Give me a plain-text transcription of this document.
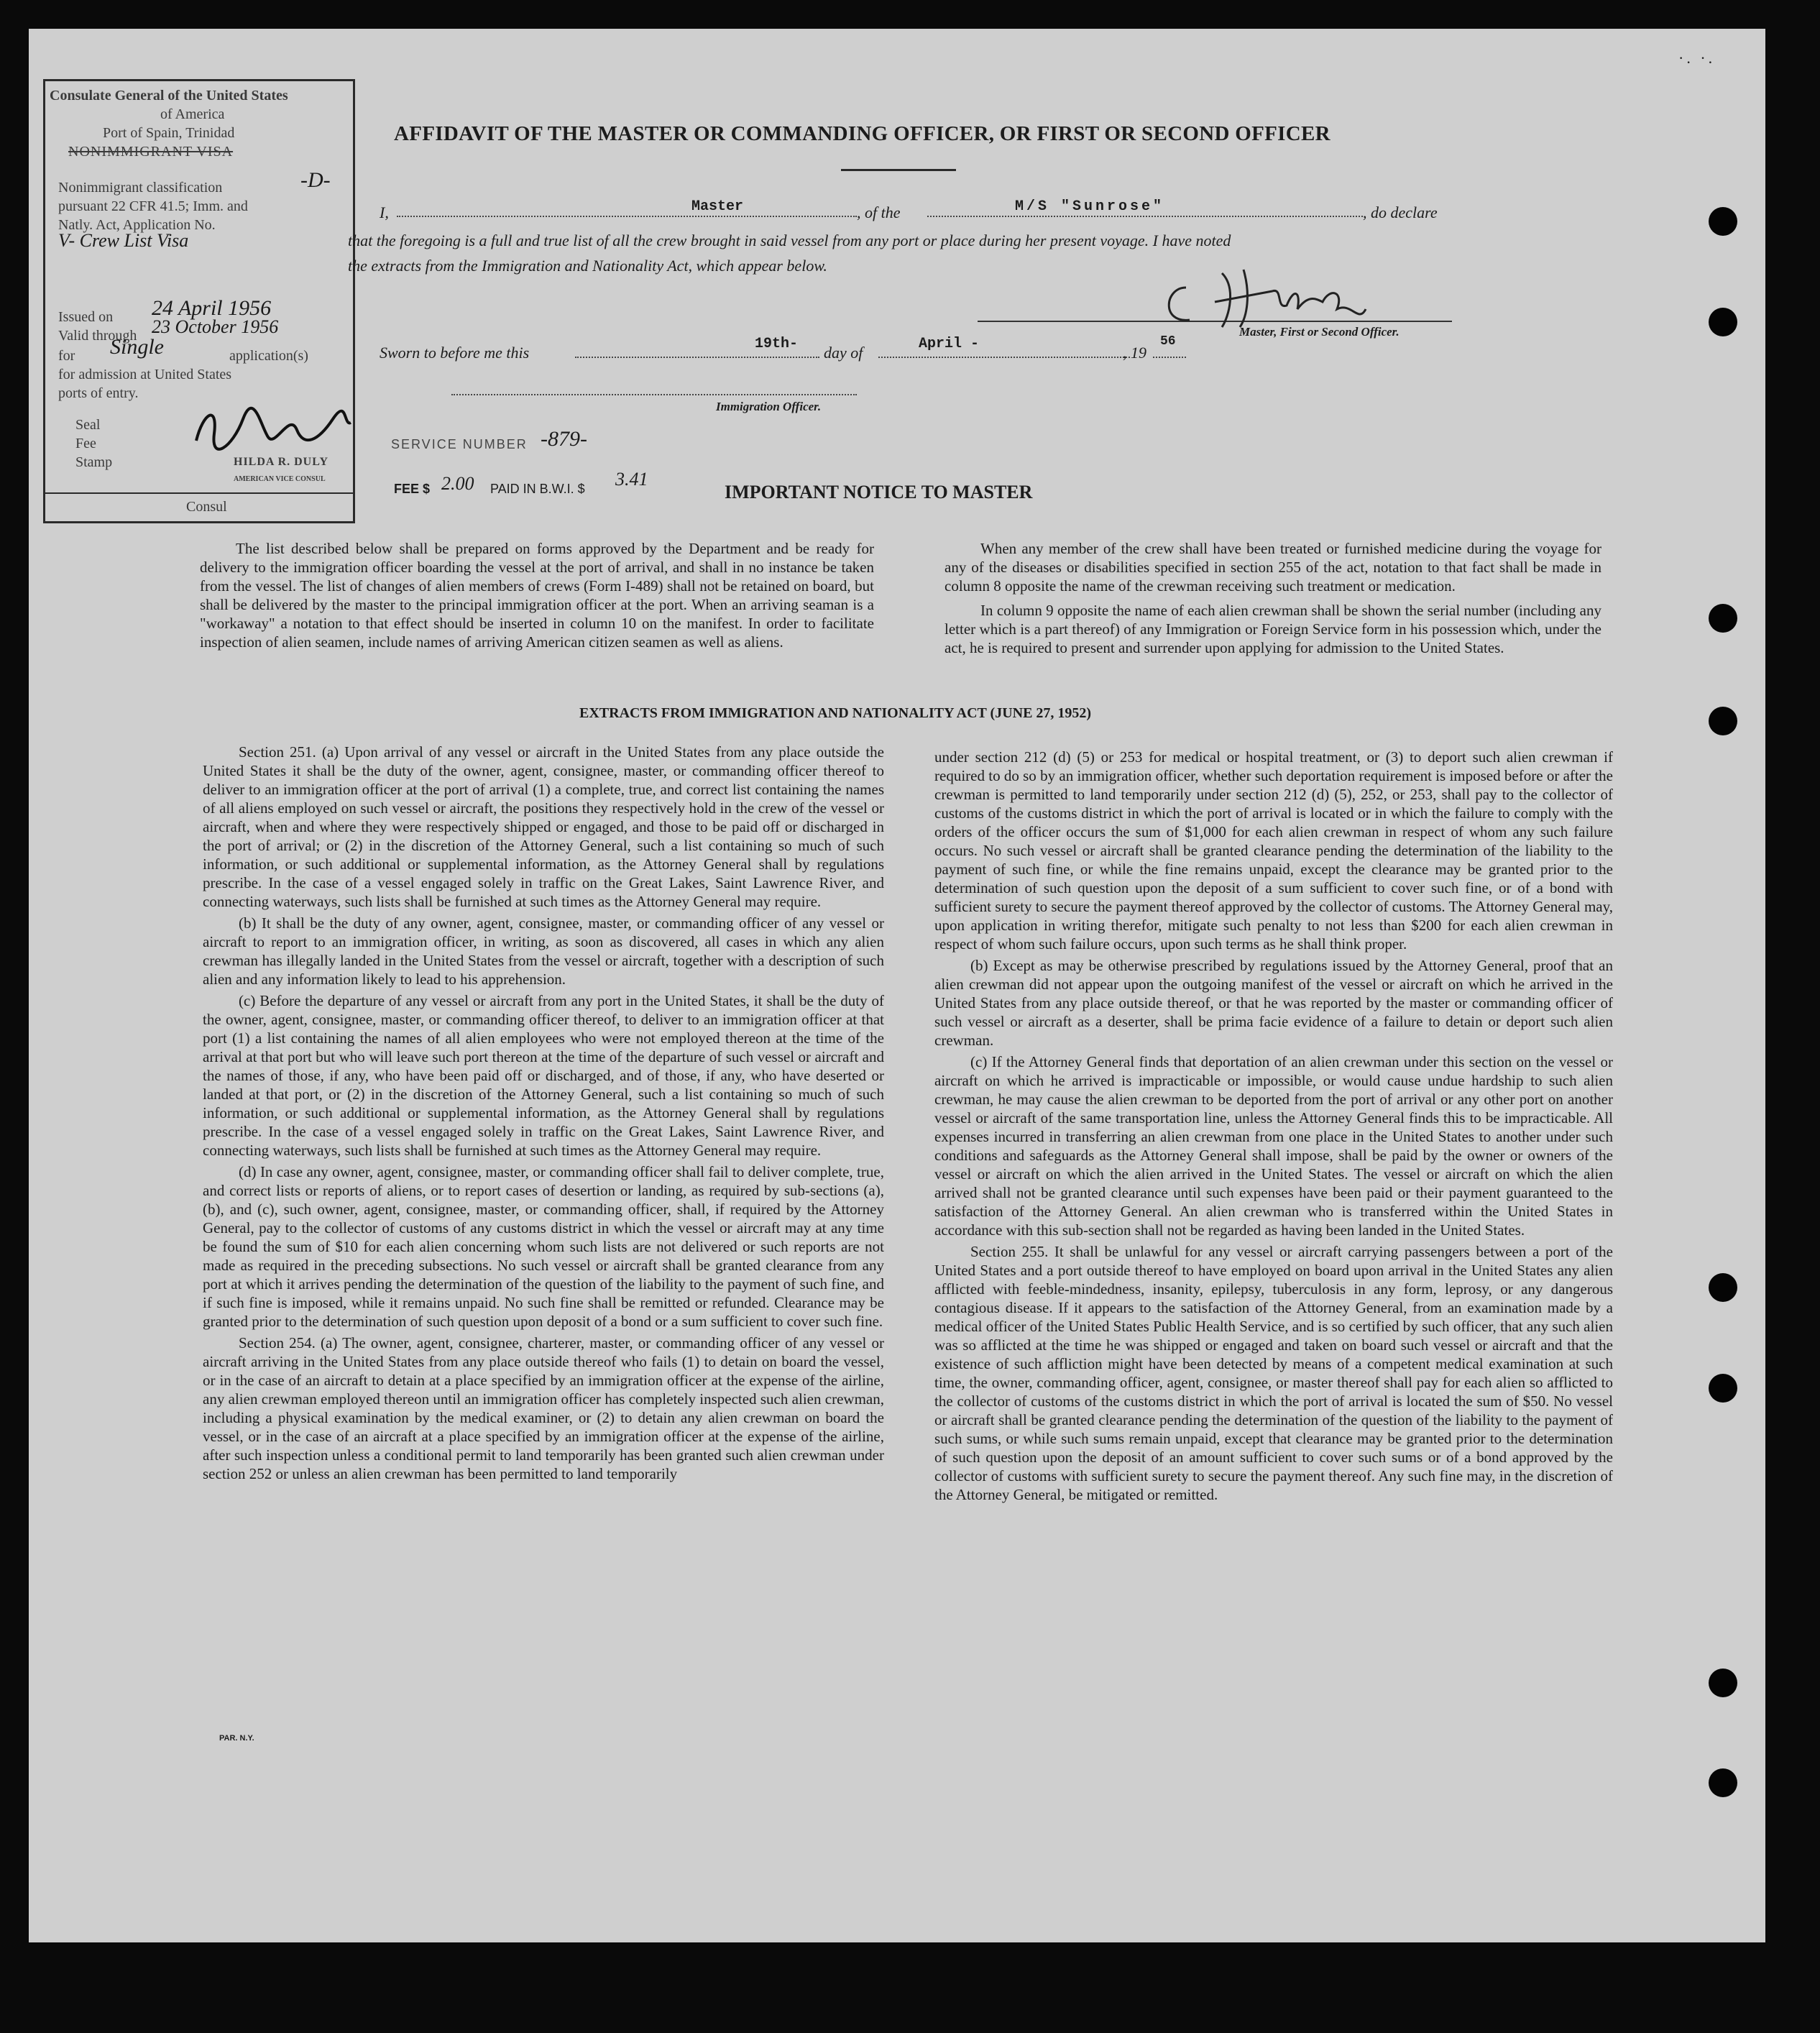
·. ·.
Consulate General of the United States
of America
Port of Spain, Trinidad
NONIMMIGRANT VISA
Nonimmigrant classification	-D-
pursuant 22 CFR 41.5; Imm. and
Natly. Act, Application No.
V- Crew List Visa
Issued on 24 April 1956
Valid through 23 October 1956
for Single	application(s)
for admission at United States
ports of entry.
Seal
Fee
Stamp	HILDA R. DULY
AMERICAN VICE CONSUL
Consul
AFFIDAVIT OF THE MASTER OR COMMANDING OFFICER, OR FIRST OR SECOND OFFICER
I,	Master	, of the	M/S "Sunrose"	, do declare
that the foregoing is a full and true list of all the crew brought in said vessel from any port or place during her present voyage. I have noted
the extracts from the Immigration and Nationality Act, which appear below.
Master, First or Second Officer.
Sworn to before me this	19th- day of	April -	, 19
56
Immigration Officer.
SERVICE NUMBER -879-
FEE $ 2.00 PAID IN B.W.I. $ 3.41
IMPORTANT NOTICE TO MASTER

The list described below shall be prepared on forms approved by the Department and be ready for delivery to the immigration officer boarding the vessel at the port of arrival, and shall in no instance be taken from the vessel. The list of changes of alien members of crews (Form I-489) shall not be retained on board, but shall be delivered by the master to the principal immigration officer at the port. When an arriving seaman is a "workaway" a notation to that effect should be inserted in column 10 on the manifest. In order to facilitate inspection of alien seamen, include names of arriving American citizen seamen as well as aliens.

When any member of the crew shall have been treated or furnished medicine during the voyage for any of the diseases or disabilities specified in section 255 of the act, notation to that fact shall be made in column 8 opposite the name of the crewman receiving such treatment or medication.

In column 9 opposite the name of each alien crewman shall be shown the serial number (including any letter which is a part thereof) of any Immigration or Foreign Service form in his possession which, under the act, he is required to present and surrender upon applying for admission to the United States.

EXTRACTS FROM IMMIGRATION AND NATIONALITY ACT (JUNE 27, 1952)

Section 251. (a) Upon arrival of any vessel or aircraft in the United States from any place outside the United States it shall be the duty of the owner, agent, consignee, master, or commanding officer thereof to deliver to an immigration officer at the port of arrival (1) a complete, true, and correct list containing the names of all aliens employed on such vessel or aircraft, the positions they respectively hold in the crew of the vessel or aircraft, when and where they were respectively shipped or engaged, and those to be paid off or discharged in the port of arrival; or (2) in the discretion of the Attorney General, such a list containing so much of such information, or such additional or supplemental information, as the Attorney General shall by regulations prescribe. In the case of a vessel engaged solely in traffic on the Great Lakes, Saint Lawrence River, and connecting waterways, such lists shall be furnished at such times as the Attorney General may require.

(b) It shall be the duty of any owner, agent, consignee, master, or commanding officer of any vessel or aircraft to report to an immigration officer, in writing, as soon as discovered, all cases in which any alien crewman has illegally landed in the United States from the vessel or aircraft, together with a description of such alien and any information likely to lead to his apprehension.

(c) Before the departure of any vessel or aircraft from any port in the United States, it shall be the duty of the owner, agent, consignee, master, or commanding officer thereof, to deliver to an immigration officer at that port (1) a list containing the names of all alien employees who were not employed thereon at the time of the arrival at that port but who will leave such port thereon at the time of the departure of such vessel or aircraft and the names of those, if any, who have been paid off or discharged, and of those, if any, who have deserted or landed at that port, or (2) in the discretion of the Attorney General, such a list containing so much of such information, or such additional or supplemental information, as the Attorney General shall by regulations prescribe. In the case of a vessel engaged solely in traffic on the Great Lakes, Saint Lawrence River, and connecting waterways, such lists shall be furnished at such times as the Attorney General may require.

(d) In case any owner, agent, consignee, master, or commanding officer shall fail to deliver complete, true, and correct lists or reports of aliens, or to report cases of desertion or landing, as required by sub-sections (a), (b), and (c), such owner, agent, consignee, master, or commanding officer, shall, if required by the Attorney General, pay to the collector of customs of any customs district in which the vessel or aircraft may at any time be found the sum of $10 for each alien concerning whom such lists are not delivered or such reports are not made as required in the preceding subsections. No such vessel or aircraft shall be granted clearance from any port at which it arrives pending the determination of the question of the liability to the payment of such fine, and if such fine is imposed, while it remains unpaid. No such fine shall be remitted or refunded. Clearance may be granted prior to the determination of such question upon deposit of a bond or a sum sufficient to cover such fine.

Section 254. (a) The owner, agent, consignee, charterer, master, or commanding officer of any vessel or aircraft arriving in the United States from any place outside thereof who fails (1) to detain on board the vessel, or in the case of an aircraft to detain at a place specified by an immigration officer at the expense of the airline, any alien crewman employed thereon until an immigration officer has completely inspected such alien crewman, including a physical examination by the medical examiner, or (2) to detain any alien crewman on board the vessel, or in the case of an aircraft at a place specified by an immigration officer at the expense of the airline, after such inspection unless a conditional permit to land temporarily has been granted such alien crewman under section 252 or unless an alien crewman has been permitted to land temporarily

under section 212 (d) (5) or 253 for medical or hospital treatment, or (3) to deport such alien crewman if required to do so by an immigration officer, whether such deportation requirement is imposed before or after the crewman is permitted to land temporarily under section 212 (d) (5), 252, or 253, shall pay to the collector of customs of the customs district in which the port of arrival is located or in which the failure to comply with the orders of the officer occurs the sum of $1,000 for each alien crewman in respect of whom any such failure occurs. No such vessel or aircraft shall be granted clearance pending the determination of the liability to the payment of such fine, or while the fine remains unpaid, except the clearance may be granted prior to the determination of such question upon the deposit of a sum sufficient to cover such fine, or of a bond with sufficient surety to secure the payment thereof approved by the collector of customs. The Attorney General may, upon application in writing therefor, mitigate such penalty to not less than $200 for each alien crewman in respect of whom such failure occurs, upon such terms as he shall think proper.

(b) Except as may be otherwise prescribed by regulations issued by the Attorney General, proof that an alien crewman did not appear upon the outgoing manifest of the vessel or aircraft on which he arrived in the United States from any place outside thereof, or that he was reported by the master or commanding officer of such vessel or aircraft as a deserter, shall be prima facie evidence of a failure to detain or deport such alien crewman.

(c) If the Attorney General finds that deportation of an alien crewman under this section on the vessel or aircraft on which he arrived is impracticable or impossible, or would cause undue hardship to such alien crewman, he may cause the alien crewman to be deported from the port of arrival or any other port on another vessel or aircraft of the same transportation line, unless the Attorney General finds this to be impracticable. All expenses incurred in transferring an alien crewman from one place in the United States to another under such conditions and safeguards as the Attorney General shall impose, shall be paid by the owner or owners of the vessel or aircraft on which the alien arrived in the United States. The vessel or aircraft on which the alien arrived shall not be granted clearance until such expenses have been paid or their payment guaranteed to the satisfaction of the Attorney General. An alien crewman who is transferred within the United States in accordance with this sub-section shall not be regarded as having been landed in the United States.

Section 255. It shall be unlawful for any vessel or aircraft carrying passengers between a port of the United States and a port outside thereof to have employed on board upon arrival in the United States any alien afflicted with feeble-mindedness, insanity, epilepsy, tuberculosis in any form, leprosy, or any dangerous contagious disease. If it appears to the satisfaction of the Attorney General, from an examination made by a medical officer of the United States Public Health Service, and is so certified by such officer, that any such alien was so afflicted at the time he was shipped or engaged and taken on board such vessel or aircraft and that the existence of such affliction might have been detected by means of a competent medical examination at such time, the owner, commanding officer, agent, consignee, or master thereof shall pay for each alien so afflicted to the collector of customs of the customs district in which the port of arrival is located the sum of $50. No vessel or aircraft shall be granted clearance pending the determination of the question of the liability to the payment of such sums, or while such sums remain unpaid, except that clearance may be granted prior to the determination of such question upon the deposit of an amount sufficient to cover such sums or of a bond approved by the collector of customs with sufficient surety to secure the payment thereof. Any such fine may, in the discretion of the Attorney General, be mitigated or remitted.

PAR. N.Y.
